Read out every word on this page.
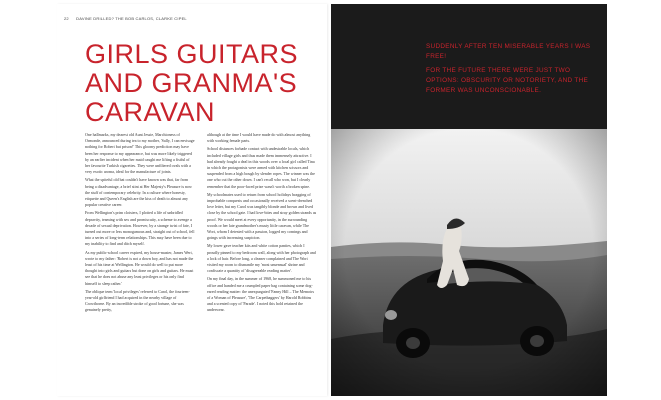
22 DAVINE DRILLED? THE BOB CARLOS, CLARKE CIPEL
GIRLS GUITARS
AND GRANMA'S
CARAVAN

One hallmarks, my dearest old Aunt Jessie, Marchioness of Ormonde, announced during tea to my mother, 'Sally, I can envisage nothing for Robert but prison!' This gloomy prediction may have been her response to my appearance, but was more likely triggered by an earlier incident when her maid caught me lifting a fistful of her favourite Turkish cigarettes. They were unfiltered ovals with a very exotic aroma, ideal for the manufacture of joints.

What the spiteful old bat couldn't have known was that, far from being a disadvantage, a brief stint at Her Majesty's Pleasure is now the stuff of contemporary celebrity. In a culture where honesty, etiquette and Queen's English are the kiss of death to almost any popular creative career.

From Wellington's prim cloisters, I plotted a life of unbridled depravity, teaming with sex and promiscuity, a scheme to avenge a decade of sexual deprivation. However, by a strange twist of fate, I turned out more or less monogamous and, straight out of school, fell into a series of long-term relationships. This may have been due to my inability to find and ditch myself.

As my public-school career expired, my house-master, James Wert, wrote to my father: 'Robert is not a down boy, and has not made the least of his time at Wellington. He would do well to put more thought into girls and guitars but done on girls and guitars. He must see that he does not abuse any least privileges or his only find himself to sleep rather.'

The oblique term 'local privileges' referred to Carol, the fourteen-year-old girlfriend I had acquired in the nearby village of Crowthorne. By an incredible stroke of good fortune, she was genuinely pretty,

although at the time I would have made do with almost anything with working female parts.

School distances forbade contact with undesirable locals, which included village girls and thus made them immensely attractive. I had already fought a deal in this woods over a local girl called Tina in which the protagonists were armed with kitchen scissors and suspended from a high bough by slender ropes. The winner was the one who cut the other down. I can't recall who won, but I clearly remember that the poor-faced prize wasn't worth a broken spine.

My schoolmates used to return from school holidays bragging of improbable conquests and occasionally received a scent-drenched love letter, but my Carol was tangibly blonde and brown and lived close by the school gate. I had love-bites and stray golden strands as proof. We would meet at every opportunity, in the surrounding woods or her late grandmother's musty little caravan, while The Wort, whom I detested with a passion, logged my comings and goings with increasing suspicion.

My lower gave teacher kits and white cotton panties, which I proudly pinned to my bedroom wall, along with her photograph and a lock of hair. Before long, a cleaner complained and The Wort visited my room to dismantle my 'most unsensual' shrine and confiscate a quantity of 'disagreeable reading matter'.

On my final day, in the summer of 1968, he summoned me to his office and handed me a crumpled paper bag containing some dog-eared reading matter: the unexpurgated 'Fanny Hill – The Memoirs of a Woman of Pleasure', 'The Carpetbaggers' by Harold Robbins and a scented copy of 'Parade'. I noted this hold retained the underwear.

SUDDENLY AFTER TEN MISERABLE YEARS I WAS FREE!

FOR THE FUTURE THERE WERE JUST TWO OPTIONS: OBSCURITY OR NOTORIETY, AND THE FORMER WAS UNCONSCIONABLE.
